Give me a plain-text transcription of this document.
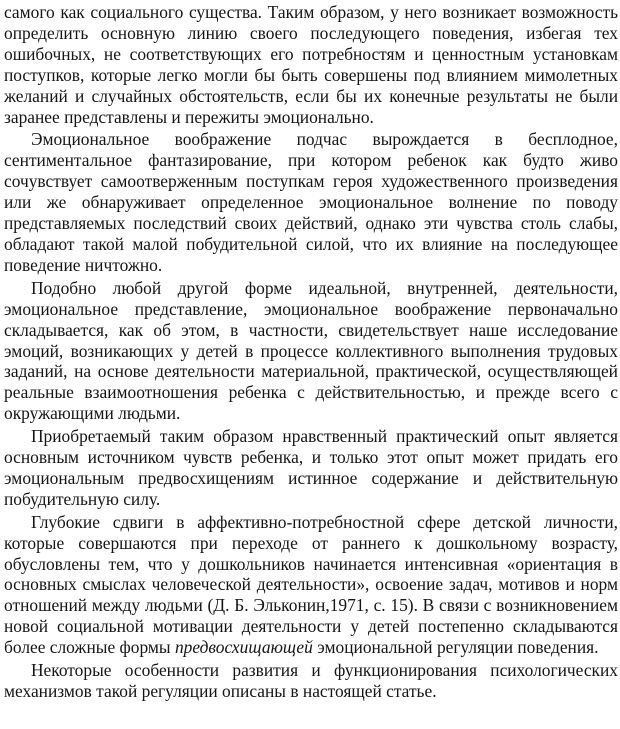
самого как социального существа. Таким образом, у него возникает возможность определить основную линию своего последующего поведения, избегая тех ошибочных, не соответствующих его потребностям и ценностным установкам поступков, которые легко могли бы быть совершены под влиянием мимолетных желаний и случайных обстоятельств, если бы их конечные результаты не были заранее представлены и пережиты эмоционально.

Эмоциональное воображение подчас вырождается в бесплодное, сентиментальное фантазирование, при котором ребенок как будто живо сочувствует самоотверженным поступкам героя художественного произведения или же обнаруживает определенное эмоциональное волнение по поводу представляемых последствий своих действий, однако эти чувства столь слабы, обладают такой малой побудительной силой, что их влияние на последующее поведение ничтожно.

Подобно любой другой форме идеальной, внутренней, деятельности, эмоциональное представление, эмоциональное воображение первоначально складывается, как об этом, в частности, свидетельствует наше исследование эмоций, возникающих у детей в процессе коллективного выполнения трудовых заданий, на основе деятельности материальной, практической, осуществляющей реальные взаимоотношения ребенка с действительностью, и прежде всего с окружающими людьми.

Приобретаемый таким образом нравственный практический опыт является основным источником чувств ребенка, и только этот опыт может придать его эмоциональным предвосхищениям истинное содержание и действительную побудительную силу.

Глубокие сдвиги в аффективно-потребностной сфере детской личности, которые совершаются при переходе от раннего к дошкольному возрасту, обусловлены тем, что у дошкольников начинается интенсивная «ориентация в основных смыслах человеческой деятельности», освоение задач, мотивов и норм отношений между людьми (Д. Б. Эльконин,1971, с. 15). В связи с возникновением новой социальной мотивации деятельности у детей постепенно складываются более сложные формы предвосхищающей эмоциональной регуляции поведения.

Некоторые особенности развития и функционирования психологических механизмов такой регуляции описаны в настоящей статье.
